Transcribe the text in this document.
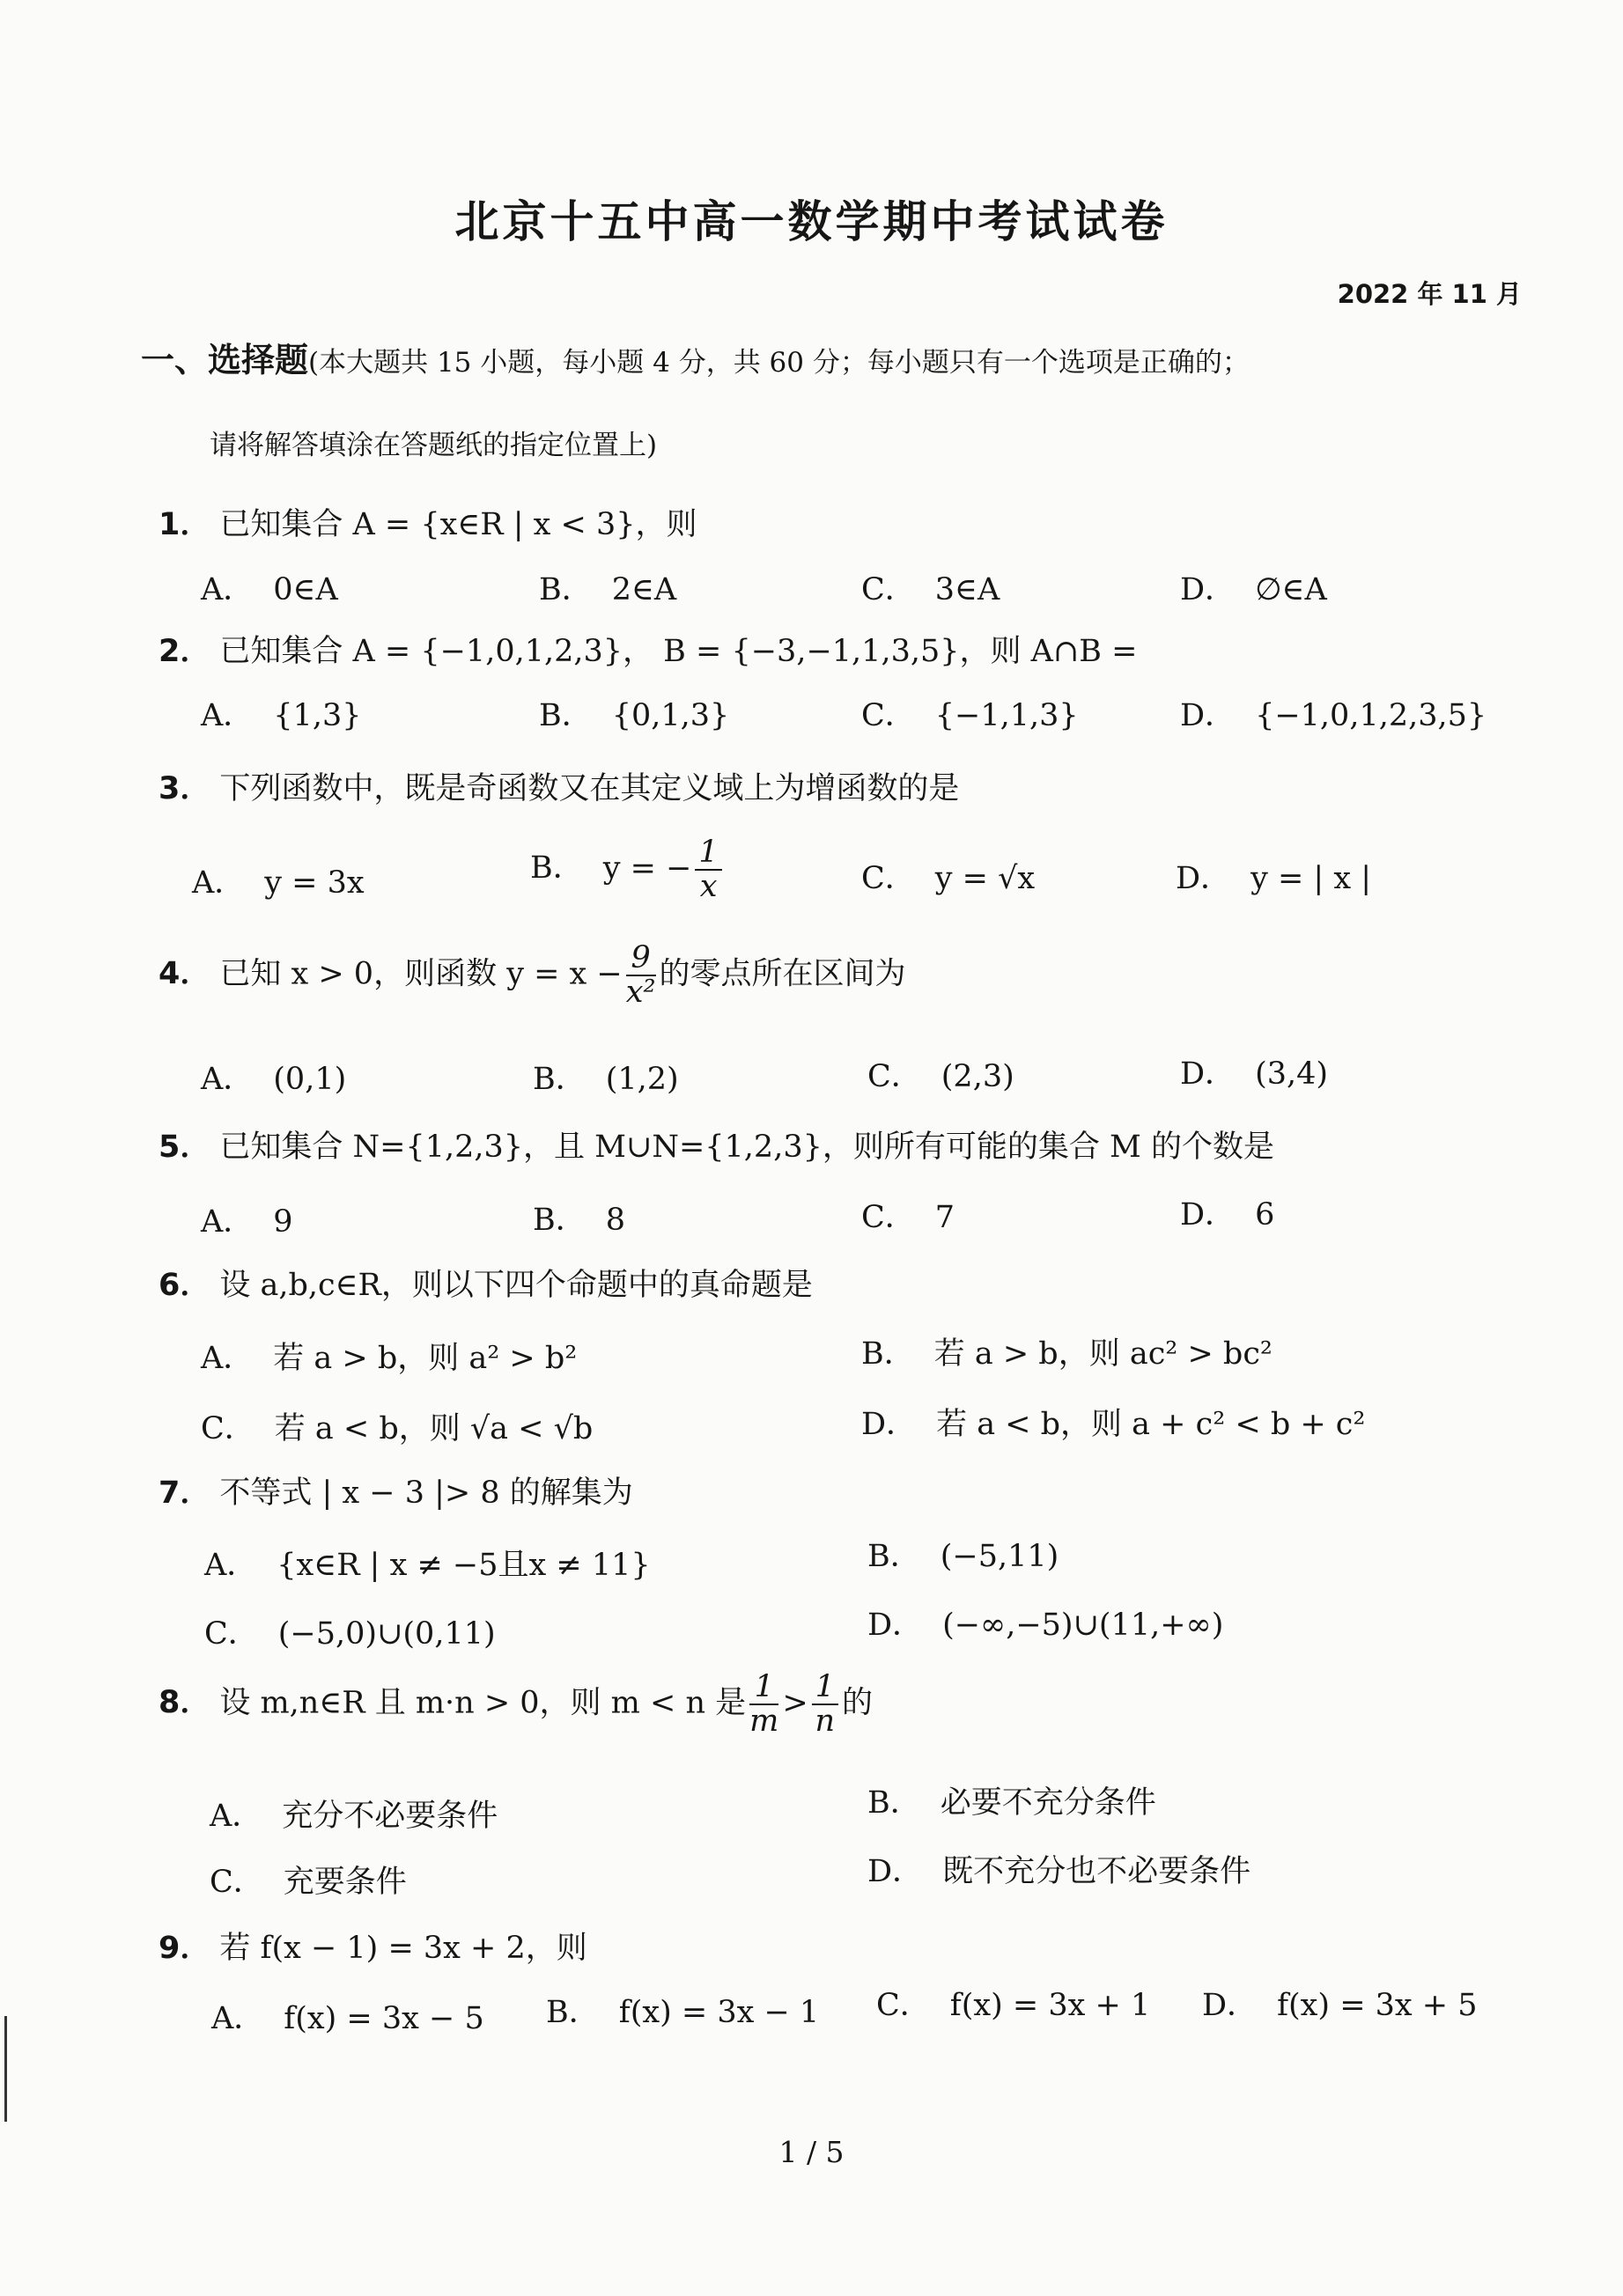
北京十五中高一数学期中考试试卷
2022 年 11 月
一、选择题(本大题共 15 小题，每小题 4 分，共 60 分；每小题只有一个选项是正确的；
请将解答填涂在答题纸的指定位置上)
1． 已知集合 A = {x∈R | x < 3}，则
A． 0∈A	B． 2∈A	C． 3∈A	D． ∅∈A
2． 已知集合 A = {−1,0,1,2,3}， B = {−3,−1,1,3,5}，则 A∩B =
A． {1,3}	B． {0,1,3}	C． {−1,1,3}	D． {−1,0,1,2,3,5}
3． 下列函数中，既是奇函数又在其定义域上为增函数的是
A． y = 3x	B． y = − $\frac{1}{x}$	C． y = √x	D． y = | x |
4． 已知 x > 0，则函数 $y = x - \frac{9}{\text{x²}}$ 的零点所在区间为
A． (0,1)	B． (1,2)	C． (2,3)	D． (3,4)
5． 已知集合 N={1,2,3}，且 M∪N={1,2,3}，则所有可能的集合 M 的个数是
A． 9	B． 8	C． 7	D． 6
6． 设 a,b,c∈R，则以下四个命题中的真命题是
A． 若 a > b，则 a² > b²	B． 若 a > b，则 ac² > bc²
C． 若 a < b，则 √a < √b	D． 若 a < b，则 a + c² < b + c²
7． 不等式 | x − 3 |> 8 的解集为
A． {x∈R | x ≠ −5且x ≠ 11}	B． (−5,11)
C． (−5,0)∪(0,11)	D． (−∞,−5)∪(11,+∞)
8． 设 m,n∈R 且 m·n > 0，则 m < n 是 $\frac{1}{m} > \frac{1}{n}$ 的
A． 充分不必要条件	B． 必要不充分条件
C． 充要条件	D． 既不充分也不必要条件
9． 若 f(x − 1) = 3x + 2，则
A． f(x) = 3x − 5 B． f(x) = 3x − 1 C． f(x) = 3x + 1 D． f(x) = 3x + 5
1 / 5
